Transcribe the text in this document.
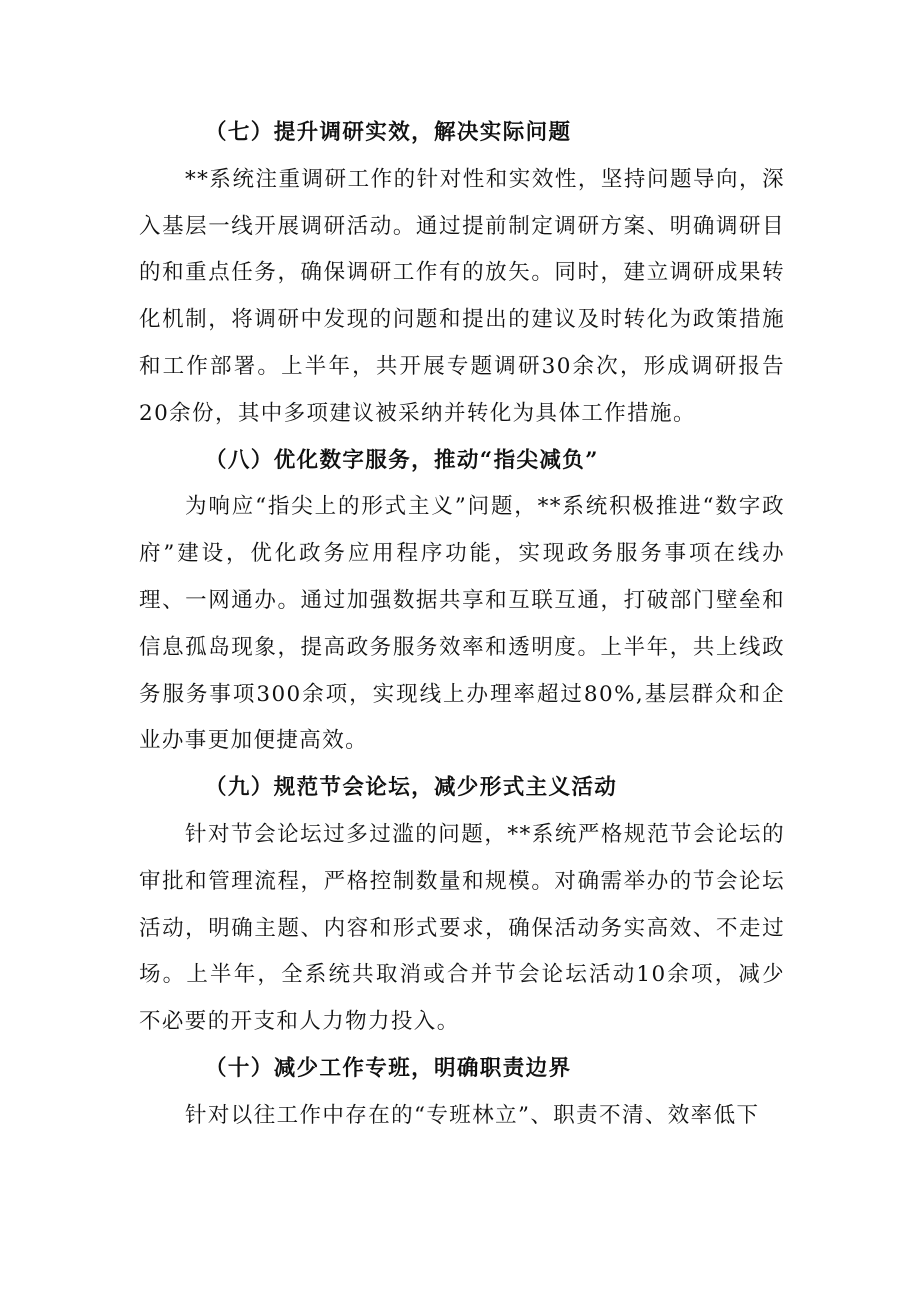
（七）提升调研实效，解决实际问题

**系统注重调研工作的针对性和实效性，坚持问题导向，深入基层一线开展调研活动。通过提前制定调研方案、明确调研目的和重点任务，确保调研工作有的放矢。同时，建立调研成果转化机制，将调研中发现的问题和提出的建议及时转化为政策措施和工作部署。上半年，共开展专题调研30余次，形成调研报告20余份，其中多项建议被采纳并转化为具体工作措施。

（八）优化数字服务，推动“指尖减负”

为响应“指尖上的形式主义”问题，**系统积极推进“数字政府”建设，优化政务应用程序功能，实现政务服务事项在线办理、一网通办。通过加强数据共享和互联互通，打破部门壁垒和信息孤岛现象，提高政务服务效率和透明度。上半年，共上线政务服务事项300余项，实现线上办理率超过80%,基层群众和企业办事更加便捷高效。

（九）规范节会论坛，减少形式主义活动

针对节会论坛过多过滥的问题，**系统严格规范节会论坛的审批和管理流程，严格控制数量和规模。对确需举办的节会论坛活动，明确主题、内容和形式要求，确保活动务实高效、不走过场。上半年，全系统共取消或合并节会论坛活动10余项，减少不必要的开支和人力物力投入。

（十）减少工作专班，明确职责边界

针对以往工作中存在的“专班林立”、职责不清、效率低下
